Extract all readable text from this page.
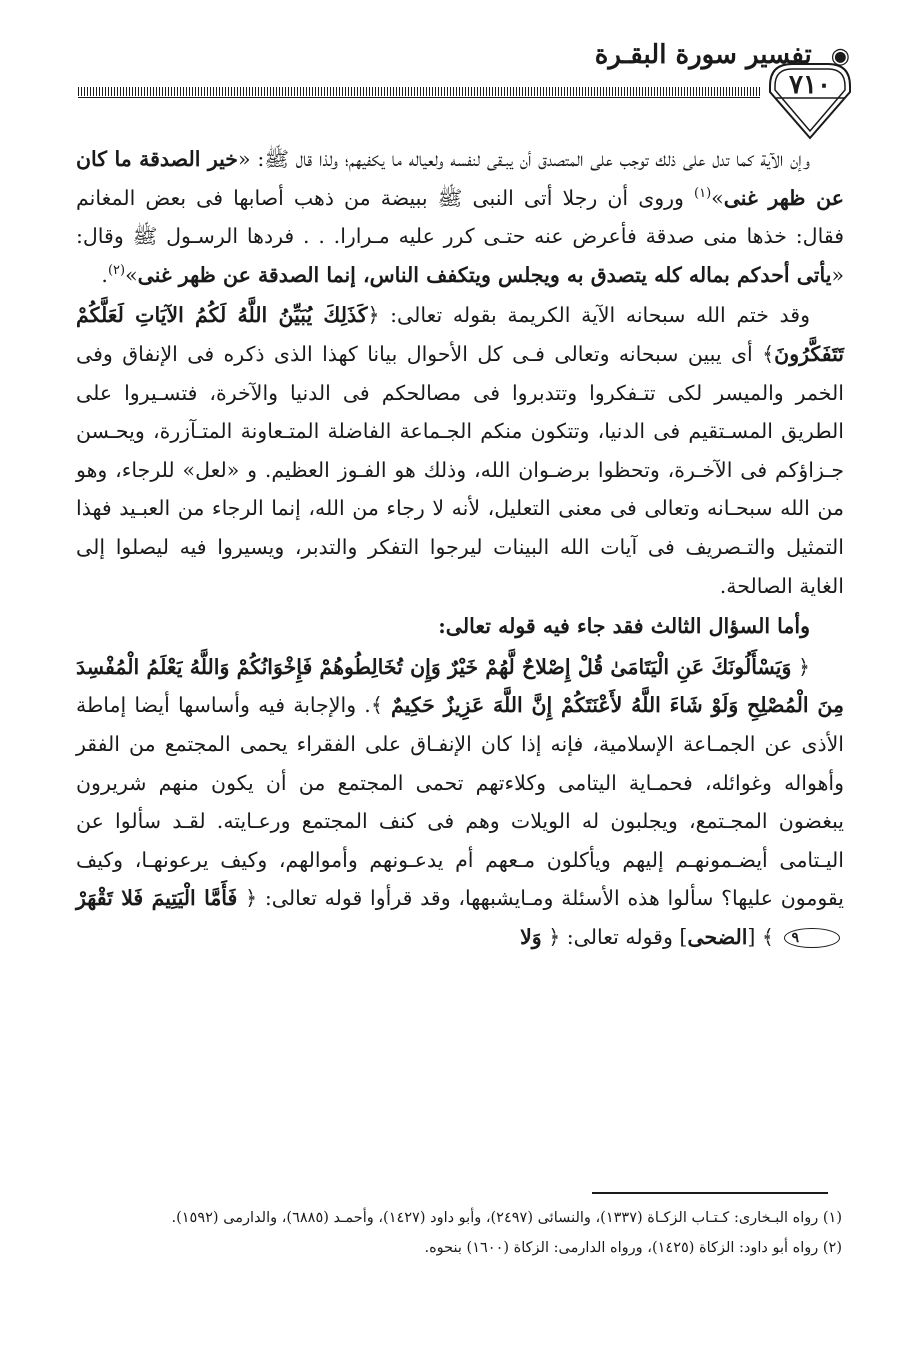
◉ تفسير سورة البقـرة
٧١٠

وإن الآية كما تدل على ذلك توجب على المتصدق أن يبـقى لنفسه ولعياله ما يكفيهم؛ ولذا قال ﷺ: «خير الصدقة ما كان عن ظهر غنى»$^{(١)}$ وروى أن رجلا أتى النبى ﷺ ببيضة من ذهب أصابها فى بعض المغانم فقال: خذها منى صدقة فأعرض عنه حتـى كرر عليه مـرارا. . . فردها الرسـول ﷺ وقال: «يأتى أحدكم بماله كله يتصدق به ويجلس ويتكفف الناس، إنما الصدقة عن ظهر غنى»$^{(٢)}$.

وقد ختم الله سبحانه الآية الكريمة بقوله تعالى: ﴿كَذَلِكَ يُبَيِّنُ اللَّهُ لَكُمُ الآيَاتِ لَعَلَّكُمْ تَتَفَكَّرُونَ﴾ أى يبين سبحانه وتعالى فـى كل الأحوال بيانا كهذا الذى ذكره فى الإنفاق وفى الخمر والميسر لكى تتـفكروا وتتدبروا فى مصالحكم فى الدنيا والآخرة، فتسـيروا على الطريق المسـتقيم فى الدنيا، وتتكون منكم الجـماعة الفاضلة المتـعاونة المتـآزرة، ويحـسن جـزاؤكم فى الآخـرة، وتحظوا برضـوان الله، وذلك هو الفـوز العظيم. و «لعل» للرجاء، وهو من الله سبحـانه وتعالى فى معنى التعليل، لأنه لا رجاء من الله، إنما الرجاء من العبـيد فهذا التمثيل والتـصريف فى آيات الله البينات ليرجوا التفكر والتدبر، ويسيروا فيه ليصلوا إلى الغاية الصالحة.

وأما السؤال الثالث فقد جاء فيه قوله تعالى:

﴿ وَيَسْأَلُونَكَ عَنِ الْيَتَامَىٰ قُلْ إِصْلاحٌ لَّهُمْ خَيْرٌ وَإِن تُخَالِطُوهُمْ فَإِخْوَانُكُمْ وَاللَّهُ يَعْلَمُ الْمُفْسِدَ مِنَ الْمُصْلِحِ وَلَوْ شَاءَ اللَّهُ لأَعْنَتَكُمْ إِنَّ اللَّهَ عَزِيزٌ حَكِيمٌ ﴾. والإجابة فيه وأساسها أيضا إماطة الأذى عن الجمـاعة الإسلامية، فإنه إذا كان الإنفـاق على الفقراء يحمى المجتمع من الفقر وأهواله وغوائله، فحمـاية اليتامى وكلاءتهم تحمى المجتمع من أن يكون منهم شريرون يبغضون المجـتمع، ويجلبون له الويلات وهم فى كنف المجتمع ورعـايته. لقـد سألوا عن اليـتامى أيضـمونهـم إليهم ويأكلون مـعهم أم يدعـونهم وأموالهم، وكيف يرعونهـا، وكيف يقومون عليها؟ سألوا هذه الأسئلة ومـايشبهها، وقد قرأوا قوله تعالى: ﴿ فَأَمَّا الْيَتِيمَ فَلا تَقْهَرْ٩ ﴾ [الضحى] وقوله تعالى: ﴿ وَلا

(١) رواه البـخارى: كـتـاب الزكـاة (١٣٣٧)، والنسائى (٢٤٩٧)، وأبو داود (١٤٢٧)، وأحمـد (٦٨٨٥)، والدارمى (١٥٩٢).

(٢) رواه أبو داود: الزكاة (١٤٢٥)، ورواه الدارمى: الزكاة (١٦٠٠) بنحوه.
